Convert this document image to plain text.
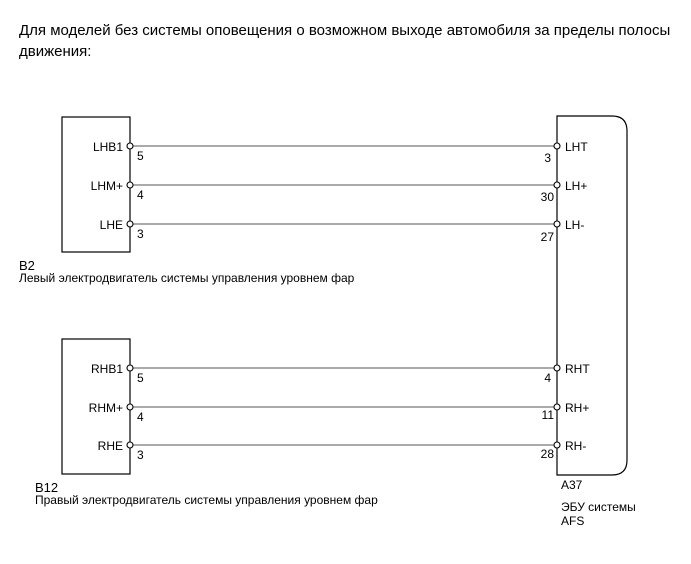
Для моделей без системы оповещения о возможном выходе автомобиля за пределы полосы движения:
B2
Левый электродвигатель системы управления уровнем фар
B12
Правый электродвигатель системы управления уровнем фар
A37
ЭБУ системы
AFS
LHB1
LHM+
LHE
5
4
3
RHB1
RHM+
RHE
5
4
3
LHT
LH+
LH-
RHT
RH+
RH-
3
30
27
4
11
28
